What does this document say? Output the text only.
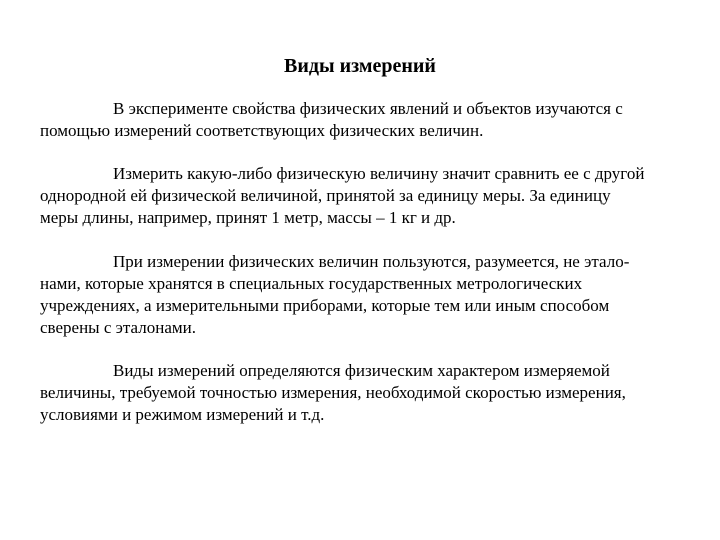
Виды измерений
В эксперименте свойства физических явлений и объектов изучаются с
помощью измерений соответствующих физических величин.
Измерить какую-либо физическую величину значит сравнить ее с другой
однородной ей физической величиной, принятой за единицу меры. За единицу
меры длины, например, принят 1 метр, массы – 1 кг и др.
При измерении физических величин пользуются, разумеется, не этало-
нами, которые хранятся в специальных государственных метрологических
учреждениях, а измерительными приборами, которые тем или иным способом
сверены с эталонами.
Виды измерений определяются физическим характером измеряемой
величины, требуемой точностью измерения, необходимой скоростью измерения,
условиями и режимом измерений и т.д.
